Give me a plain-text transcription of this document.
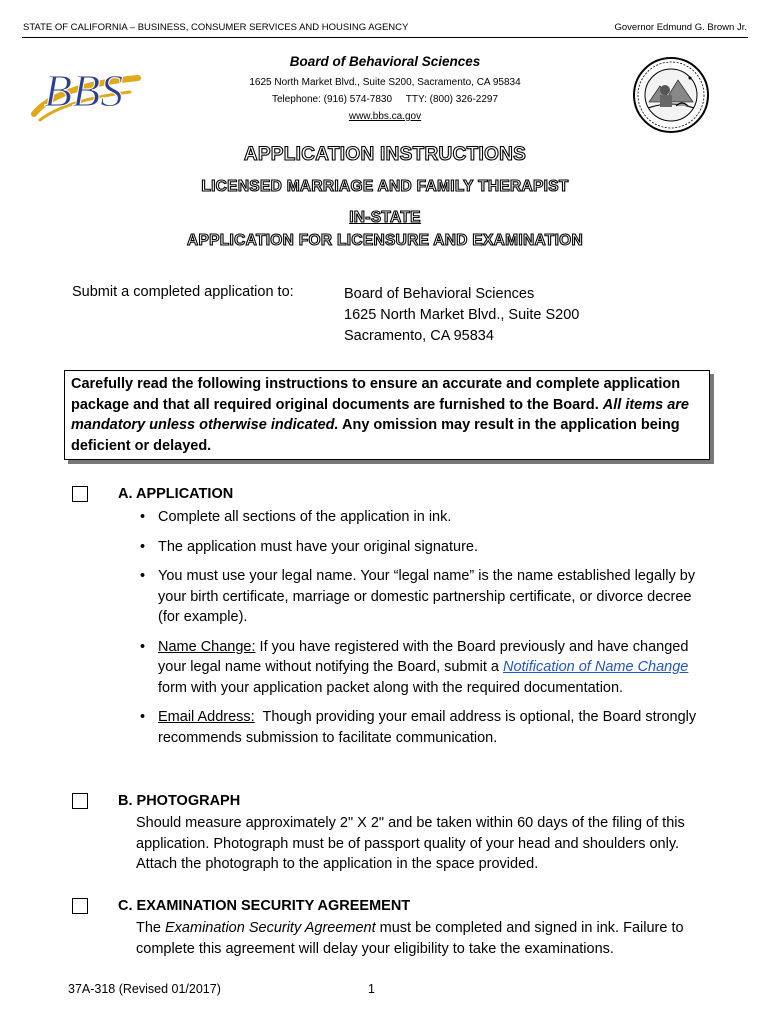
STATE OF CALIFORNIA – BUSINESS, CONSUMER SERVICES AND HOUSING AGENCY	Governor Edmund G. Brown Jr.
BBS
Board of Behavioral Sciences
1625 North Market Blvd., Suite S200, Sacramento, CA 95834
Telephone: (916) 574-7830     TTY: (800) 326-2297
www.bbs.ca.gov
APPLICATION INSTRUCTIONS
LICENSED MARRIAGE AND FAMILY THERAPIST
IN-STATE
APPLICATION FOR LICENSURE AND EXAMINATION
Submit a completed application to:	Board of Behavioral Sciences
1625 North Market Blvd., Suite S200
Sacramento, CA 95834
Carefully read the following instructions to ensure an accurate and complete application package and that all required original documents are furnished to the Board. All items are mandatory unless otherwise indicated. Any omission may result in the application being deficient or delayed.
A. APPLICATION
• Complete all sections of the application in ink.
• The application must have your original signature.
• You must use your legal name. Your “legal name” is the name established legally by your birth certificate, marriage or domestic partnership certificate, or divorce decree (for example).
• Name Change: If you have registered with the Board previously and have changed your legal name without notifying the Board, submit a Notification of Name Change form with your application packet along with the required documentation.
• Email Address:  Though providing your email address is optional, the Board strongly recommends submission to facilitate communication.
B. PHOTOGRAPH
Should measure approximately 2" X 2" and be taken within 60 days of the filing of this application. Photograph must be of passport quality of your head and shoulders only. Attach the photograph to the application in the space provided.
C. EXAMINATION SECURITY AGREEMENT
The Examination Security Agreement must be completed and signed in ink. Failure to complete this agreement will delay your eligibility to take the examinations.
37A-318 (Revised 01/2017)	1
